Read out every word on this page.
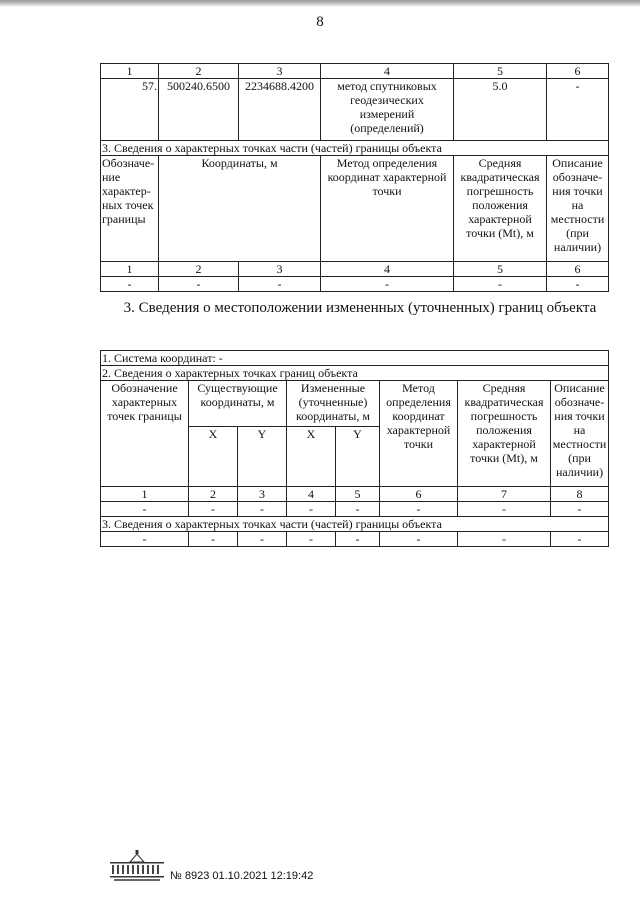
8
1	2	3	4	5	6
57.	500240.6500	2234688.4200	метод спутниковых геодезических измерений (определений)	5.0	-
3. Сведения о характерных точках части (частей) границы объекта					
Обозначе-ние характер-ных точек границы	Координаты, м		Метод определения координат характерной точки	Средняя квадратическая погрешность положения характерной точки (Mt), м	Описание обозначе-ния точки на местности (при наличии)
1	2	3	4	5	6
-	-	-	-	-	-
3. Сведения о местоположении измененных (уточненных) границ объекта
1. Система координат: -							
2. Сведения о характерных точках границ объекта							
Обозначение характерных точек границы	Существующие координаты, м		Измененные (уточненные) координаты, м		Метод определения координат характерной точки	Средняя квадратическая погрешность положения характерной точки (Mt), м	Описание обозначе-ния точки на местности (при наличии)
	X	Y	X	Y			
1	2	3	4	5	6	7	8
-	-	-	-	-	-	-	-
3. Сведения о характерных точках части (частей) границы объекта							
-	-	-	-	-	-	-	-
№ 8923 01.10.2021 12:19:42
